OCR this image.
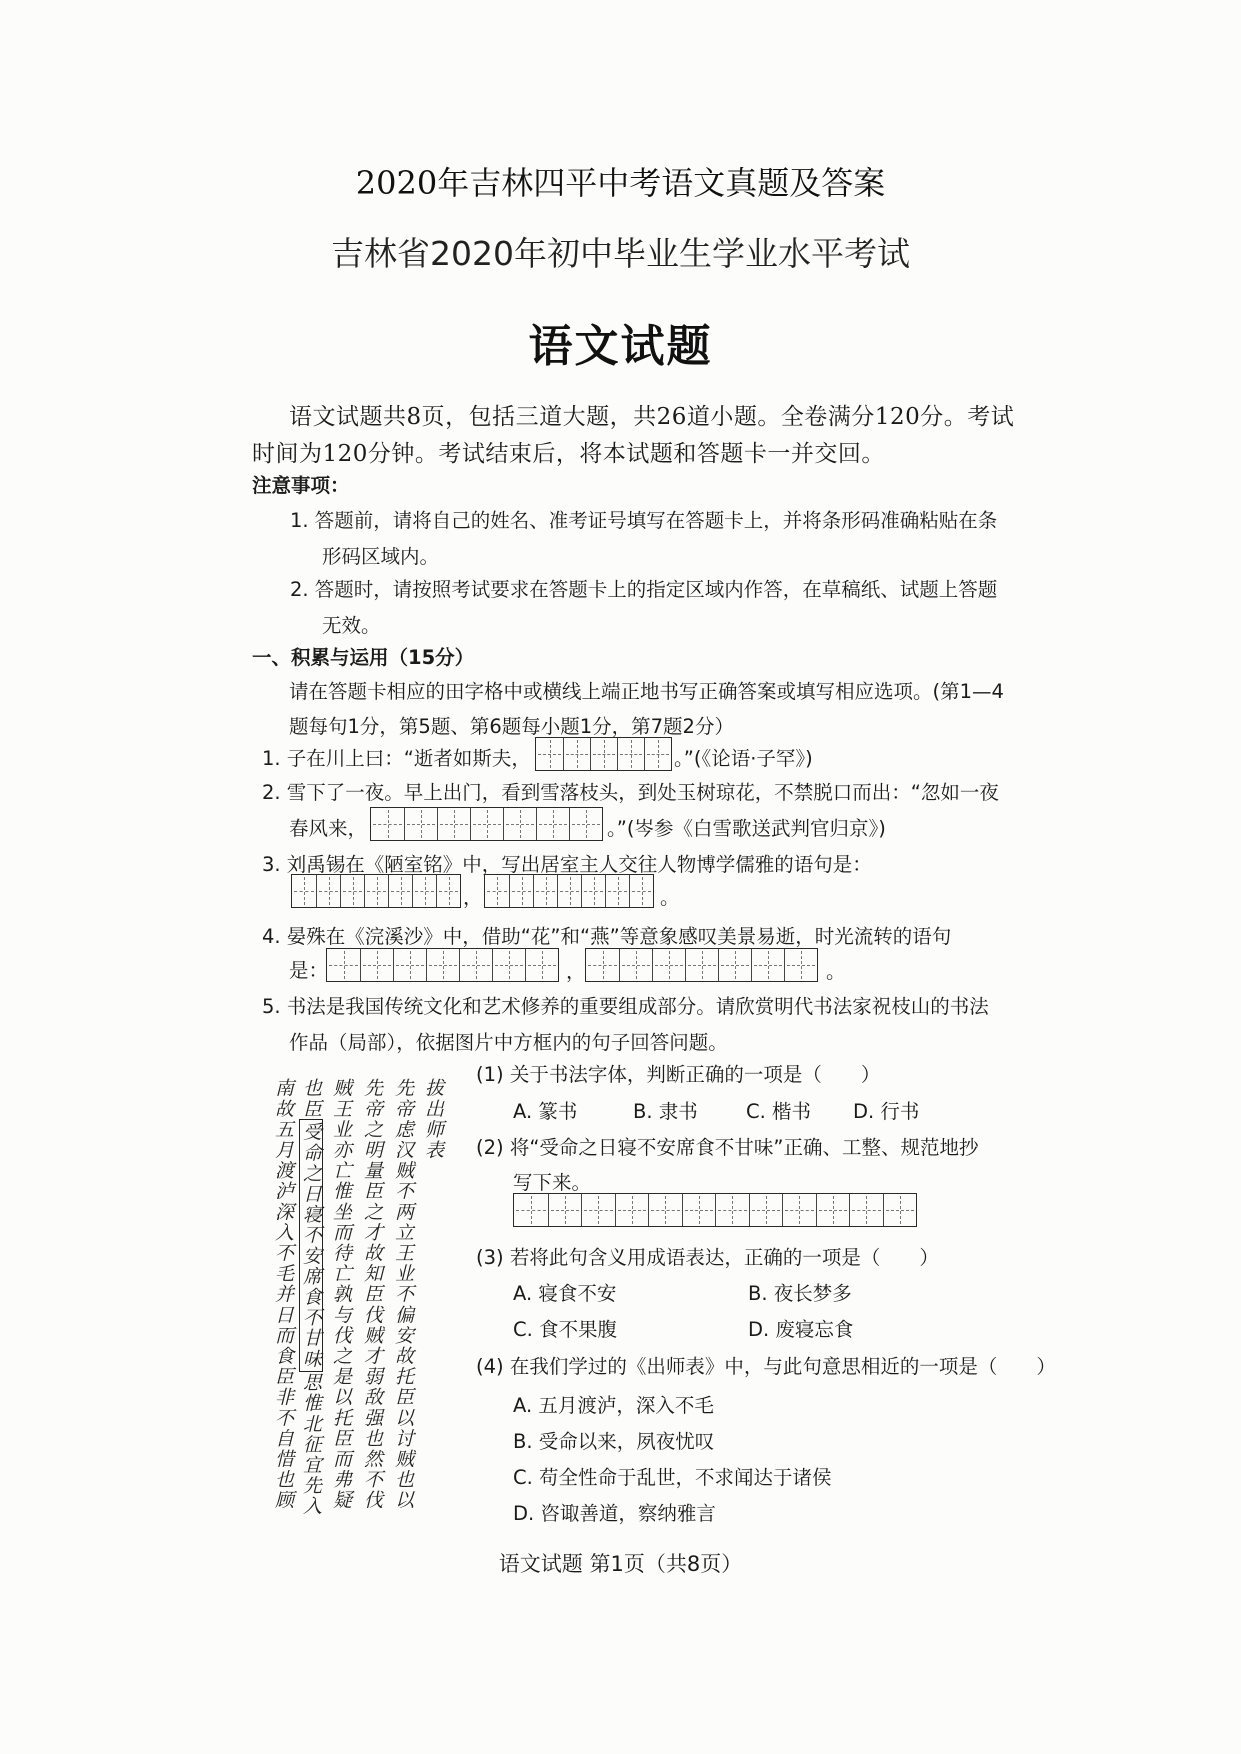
2020年吉林四平中考语文真题及答案
吉林省2020年初中毕业生学业水平考试
语文试题
语文试题共8页，包括三道大题，共26道小题。全卷满分120分。考试
时间为120分钟。考试结束后，将本试题和答题卡一并交回。
注意事项：
1. 答题前，请将自己的姓名、准考证号填写在答题卡上，并将条形码准确粘贴在条
形码区域内。
2. 答题时，请按照考试要求在答题卡上的指定区域内作答，在草稿纸、试题上答题
无效。
一、积累与运用（15分）
请在答题卡相应的田字格中或横线上端正地书写正确答案或填写相应选项。(第1—4
题每句1分，第5题、第6题每小题1分，第7题2分）
1. 子在川上曰：“逝者如斯夫，	。”(《论语·子罕》)
2. 雪下了一夜。早上出门，看到雪落枝头，到处玉树琼花，不禁脱口而出：“忽如一夜
春风来，	。”(岑参《白雪歌送武判官归京》)
3. 刘禹锡在《陋室铭》中，写出居室主人交往人物博学儒雅的语句是：
，	。
4. 晏殊在《浣溪沙》中，借助“花”和“燕”等意象感叹美景易逝，时光流转的语句
是：	，	。
5. 书法是我国传统文化和艺术修养的重要组成部分。请欣赏明代书法家祝枝山的书法
作品（局部），依据图片中方框内的句子回答问题。
拔出师表
先帝虑汉贼不两立王业不偏安故托臣以讨贼也以
先帝之明量臣之才故知臣伐贼才弱敌强也然不伐
贼王业亦亡惟坐而待亡孰与伐之是以托臣而弗疑
也臣受命之日寝不安席食不甘味思惟北征宜先入
南故五月渡泸深入不毛并日而食臣非不自惜也顾
(1) 关于书法字体，判断正确的一项是（　　）
A. 篆书	B. 隶书 C. 楷书 D. 行书
(2) 将“受命之日寝不安席食不甘味”正确、工整、规范地抄
写下来。
(3) 若将此句含义用成语表达，正确的一项是（　　）
A. 寝食不安	B. 夜长梦多
C. 食不果腹	D. 废寝忘食
(4) 在我们学过的《出师表》中，与此句意思相近的一项是（　　）
A. 五月渡泸，深入不毛
B. 受命以来，夙夜忧叹
C. 苟全性命于乱世，不求闻达于诸侯
D. 咨诹善道，察纳雅言
语文试题 第1页（共8页）
